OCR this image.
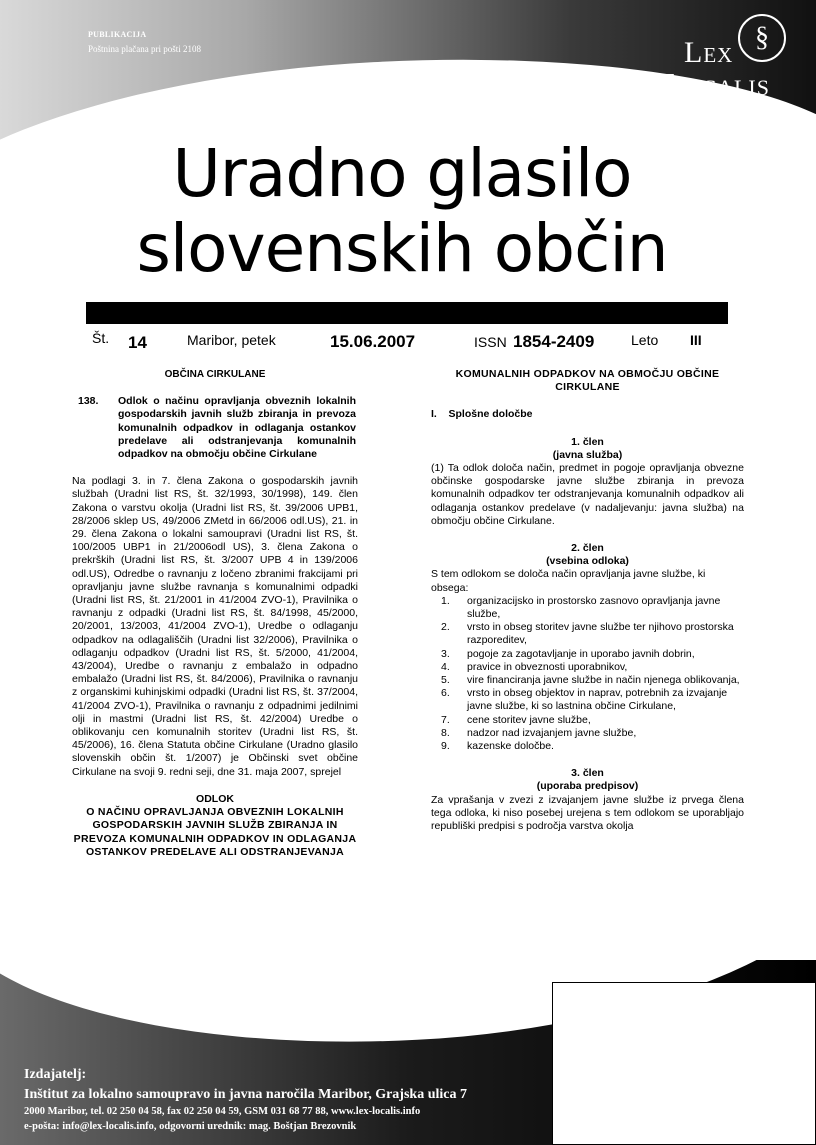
PUBLIKACIJA
Poštnina plačana pri pošti 2108	§
Lex
Localis
Uradno glasilo
slovenskih občin
Št. 14	Maribor, petek	15.06.2007	ISSN 1854-2409	Leto III
OBČINA CIRKULANE
138. Odlok o načinu opravljanja obveznih lokalnih gospodarskih javnih služb zbiranja in prevoza komunalnih odpadkov in odlaganja ostankov predelave ali odstranjevanja komunalnih odpadkov na območju občine Cirkulane
Na podlagi 3. in 7. člena Zakona o gospodarskih javnih službah (Uradni list RS, št. 32/1993, 30/1998), 149. člen Zakona o varstvu okolja (Uradni list RS, št. 39/2006 UPB1, 28/2006 sklep US, 49/2006 ZMetd in 66/2006 odl.US), 21. in 29. člena Zakona o lokalni samoupravi (Uradni list RS, št. 100/2005 UBP1 in 21/2006odl US), 3. člena Zakona o prekrških (Uradni list RS, št. 3/2007 UPB 4 in 139/2006 odl.US), Odredbe o ravnanju z ločeno zbranimi frakcijami pri opravljanju javne službe ravnanja s komunalnimi odpadki (Uradni list RS, št. 21/2001 in 41/2004 ZVO-1), Pravilnika o ravnanju z odpadki (Uradni list RS, št. 84/1998, 45/2000, 20/2001, 13/2003, 41/2004 ZVO-1), Uredbe o odlaganju odpadkov na odlagališčih (Uradni list 32/2006), Pravilnika o odlaganju odpadkov (Uradni list RS, št. 5/2000, 41/2004, 43/2004), Uredbe o ravnanju z embalažo in odpadno embalažo (Uradni list RS, št. 84/2006), Pravilnika o ravnanju z organskimi kuhinjskimi odpadki (Uradni list RS, št. 37/2004, 41/2004 ZVO-1), Pravilnika o ravnanju z odpadnimi jedilnimi olji in mastmi (Uradni list RS, št. 42/2004) Uredbe o oblikovanju cen komunalnih storitev (Uradni list RS, št. 45/2006), 16. člena Statuta občine Cirkulane (Uradno glasilo slovenskih občin št. 1/2007) je Občinski svet občine Cirkulane na svoji 9. redni seji, dne 31. maja 2007, sprejel
ODLOK
O NAČINU OPRAVLJANJA OBVEZNIH LOKALNIH GOSPODARSKIH JAVNIH SLUŽB ZBIRANJA IN PREVOZA KOMUNALNIH ODPADKOV IN ODLAGANJA OSTANKOV PREDELAVE ALI ODSTRANJEVANJA
KOMUNALNIH ODPADKOV NA OBMOČJU OBČINE CIRKULANE
I.    Splošne določbe
1. člen
(javna služba)
(1) Ta odlok določa način, predmet in pogoje opravljanja obvezne občinske gospodarske javne službe zbiranja in prevoza komunalnih odpadkov ter odstranjevanja komunalnih odpadkov ali odlaganja ostankov predelave (v nadaljevanju: javna služba) na območju občine Cirkulane.
2. člen
(vsebina odloka)
S tem odlokom se določa način opravljanja javne službe, ki obsega:
1. organizacijsko in prostorsko zasnovo opravljanja javne službe,
2. vrsto in obseg storitev javne službe ter njihovo prostorska razporeditev,
3. pogoje za zagotavljanje in uporabo javnih dobrin,
4. pravice in obveznosti uporabnikov,
5. vire financiranja javne službe in način njenega oblikovanja,
6. vrsto in obseg objektov in naprav, potrebnih za izvajanje javne službe, ki so lastnina občine Cirkulane,
7. cene storitev javne službe,
8. nadzor nad izvajanjem javne službe,
9. kazenske določbe.
3. člen
(uporaba predpisov)
Za vprašanja v zvezi z izvajanjem javne službe iz prvega člena tega odloka, ki niso posebej urejena s tem odlokom se uporabljajo republiški predpisi s področja varstva okolja
Izdajatelj:
Inštitut za lokalno samoupravo in javna naročila Maribor, Grajska ulica 7
2000 Maribor, tel. 02 250 04 58, fax 02 250 04 59, GSM 031 68 77 88, www.lex-localis.info
e-pošta: info@lex-localis.info, odgovorni urednik: mag. Boštjan Brezovnik
